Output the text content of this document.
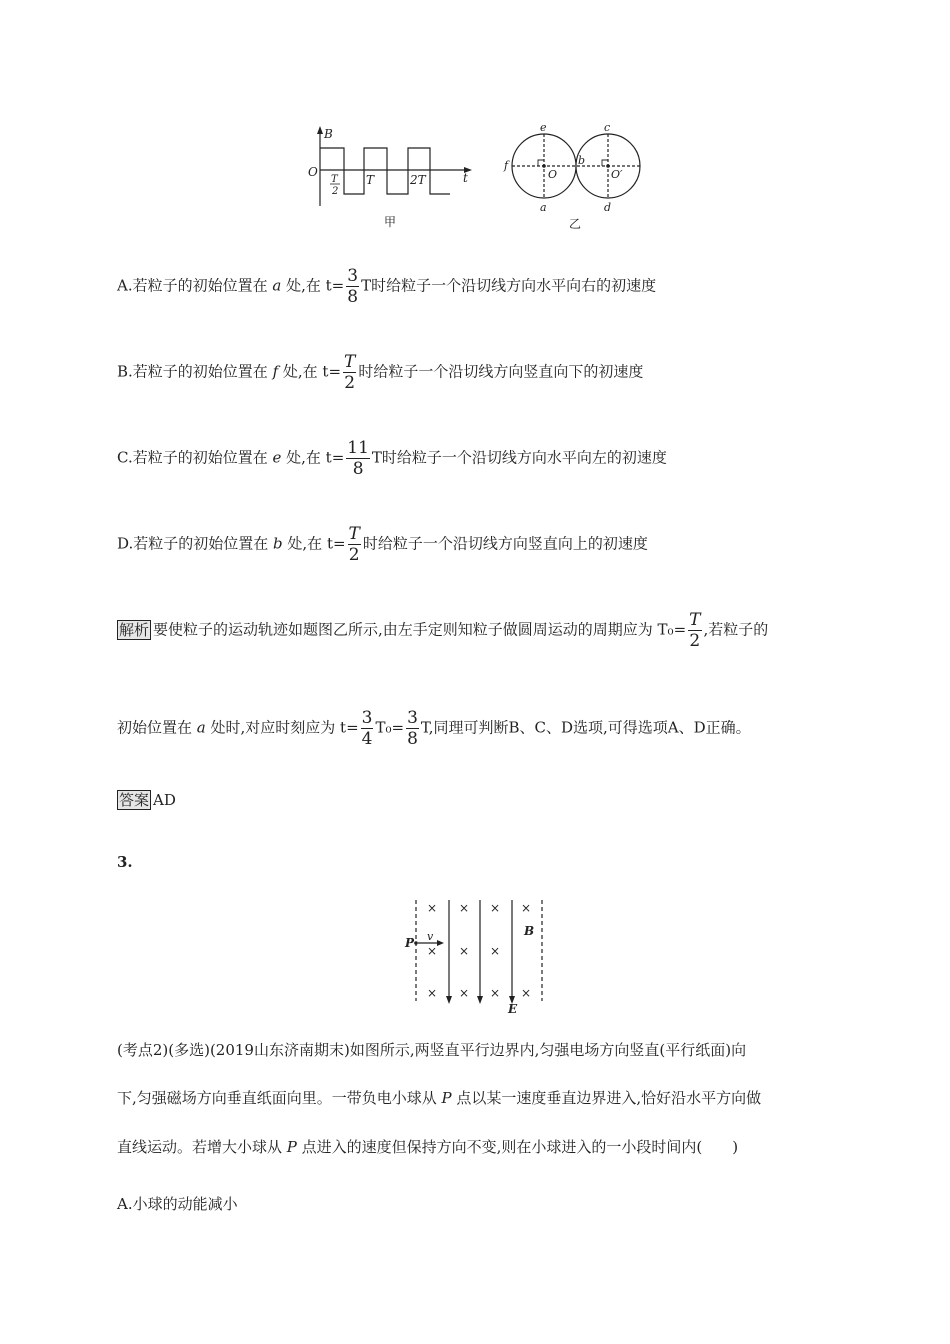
B
t
O
T
2
T	2T
甲
e	c
f	b
O	O′
a	d
乙
A.若粒子的初始位置在 a 处,在 $t= \frac{3}{8}$ T时给粒子一个沿切线方向水平向右的初速度
B.若粒子的初始位置在 f 处,在 $t= \frac{T}{2}$ 时给粒子一个沿切线方向竖直向下的初速度
C.若粒子的初始位置在 e 处,在 $t= \frac{11}{8}$ T时给粒子一个沿切线方向水平向左的初速度
D.若粒子的初始位置在 b 处,在 $t= \frac{T}{2}$ 时给粒子一个沿切线方向竖直向上的初速度
解析 要使粒子的运动轨迹如题图乙所示,由左手定则知粒子做圆周运动的周期应为 $T_0= \frac{T}{2}$ ,若粒子的
初始位置在 a 处时,对应时刻应为 $t= \frac{3}{4} T_0= \frac{3}{8} T$,同理可判断B、C、D选项,可得选项A、D正确。
答案 AD
3.
× × × ×
× × ×
× × × ×
P v	B
E
(考点2)(多选)(2019山东济南期末)如图所示,两竖直平行边界内,匀强电场方向竖直(平行纸面)向
下,匀强磁场方向垂直纸面向里。一带负电小球从 P 点以某一速度垂直边界进入,恰好沿水平方向做
直线运动。若增大小球从 P 点进入的速度但保持方向不变,则在小球进入的一小段时间内(　　)
A.小球的动能减小
